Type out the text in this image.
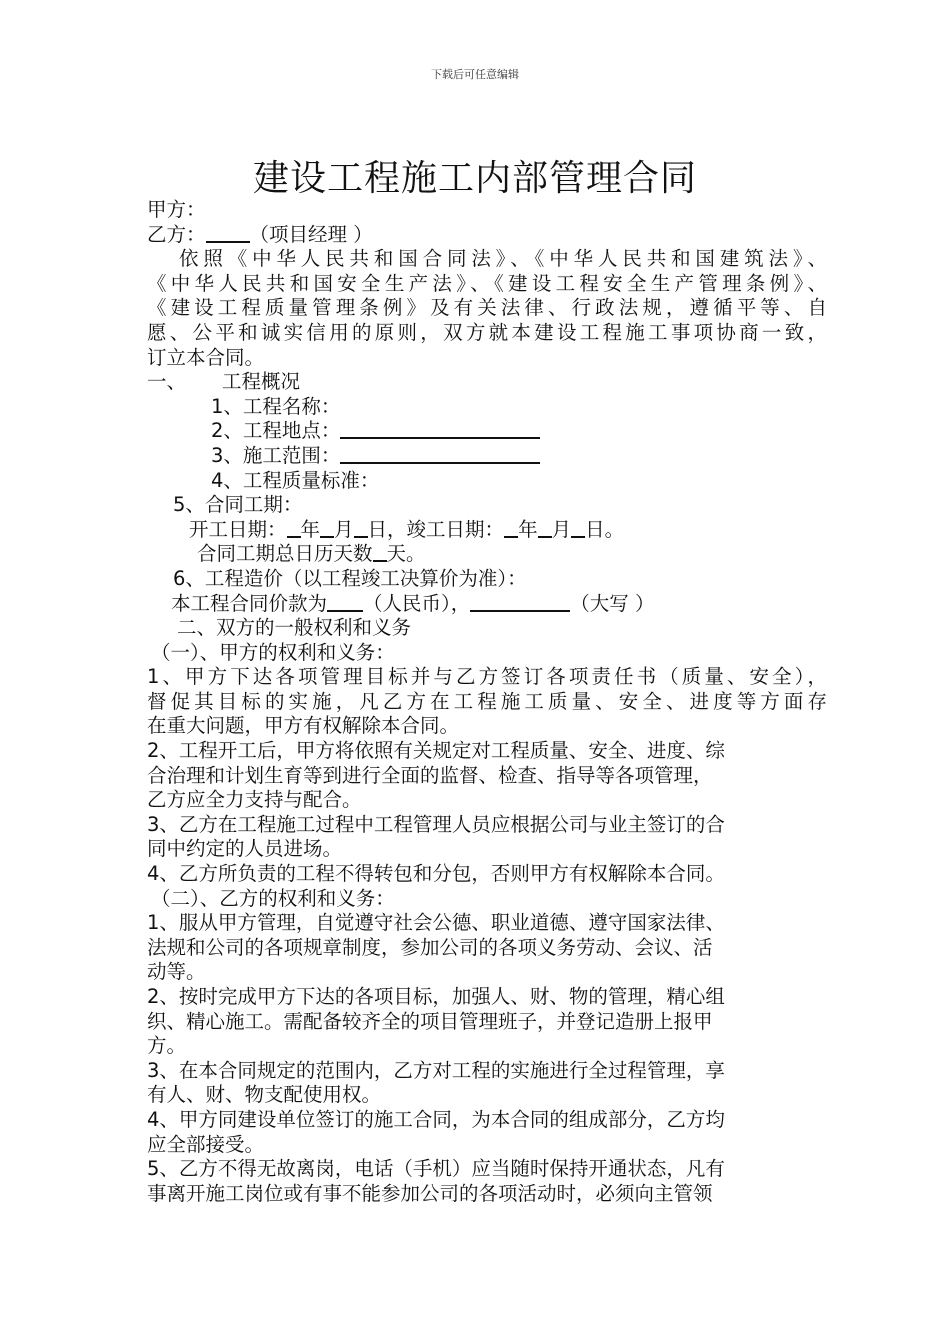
下载后可任意编辑
建设工程施工内部管理合同
甲方：
乙方： （项目经理 ）
依照《中华人民共和国合同法》、《中华人民共和国建筑法》、
《中华人民共和国安全生产法》、《建设工程安全生产管理条例》、
《建设工程质量管理条例》及有关法律、行政法规，遵循平等、自
愿、公平和诚实信用的原则，双方就本建设工程施工事项协商一致，
订立本合同。
一、 工程概况
1、工程名称：
2、工程地点：
3、施工范围：
4、工程质量标准：
5、合同工期：
开工日期： 年 月 日，竣工日期： 年 月 日。
合同工期总日历天数 天。
6、工程造价（以工程竣工决算价为准）：
本工程合同价款为 （人民币），	（大写 ）
二、双方的一般权利和义务
（一）、甲方的权利和义务：
1、甲方下达各项管理目标并与乙方签订各项责任书（质量、安全），
督促其目标的实施，凡乙方在工程施工质量、安全、进度等方面存
在重大问题，甲方有权解除本合同。
2、工程开工后，甲方将依照有关规定对工程质量、安全、进度、综
合治理和计划生育等到进行全面的监督、检查、指导等各项管理，
乙方应全力支持与配合。
3、乙方在工程施工过程中工程管理人员应根据公司与业主签订的合
同中约定的人员进场。
4、乙方所负责的工程不得转包和分包，否则甲方有权解除本合同。
（二）、乙方的权利和义务：
1、服从甲方管理，自觉遵守社会公德、职业道德、遵守国家法律、
法规和公司的各项规章制度，参加公司的各项义务劳动、会议、活
动等。
2、按时完成甲方下达的各项目标，加强人、财、物的管理，精心组
织、精心施工。需配备较齐全的项目管理班子，并登记造册上报甲
方。
3、在本合同规定的范围内，乙方对工程的实施进行全过程管理，享
有人、财、物支配使用权。
4、甲方同建设单位签订的施工合同，为本合同的组成部分，乙方均
应全部接受。
5、乙方不得无故离岗，电话（手机）应当随时保持开通状态，凡有
事离开施工岗位或有事不能参加公司的各项活动时，必须向主管领
